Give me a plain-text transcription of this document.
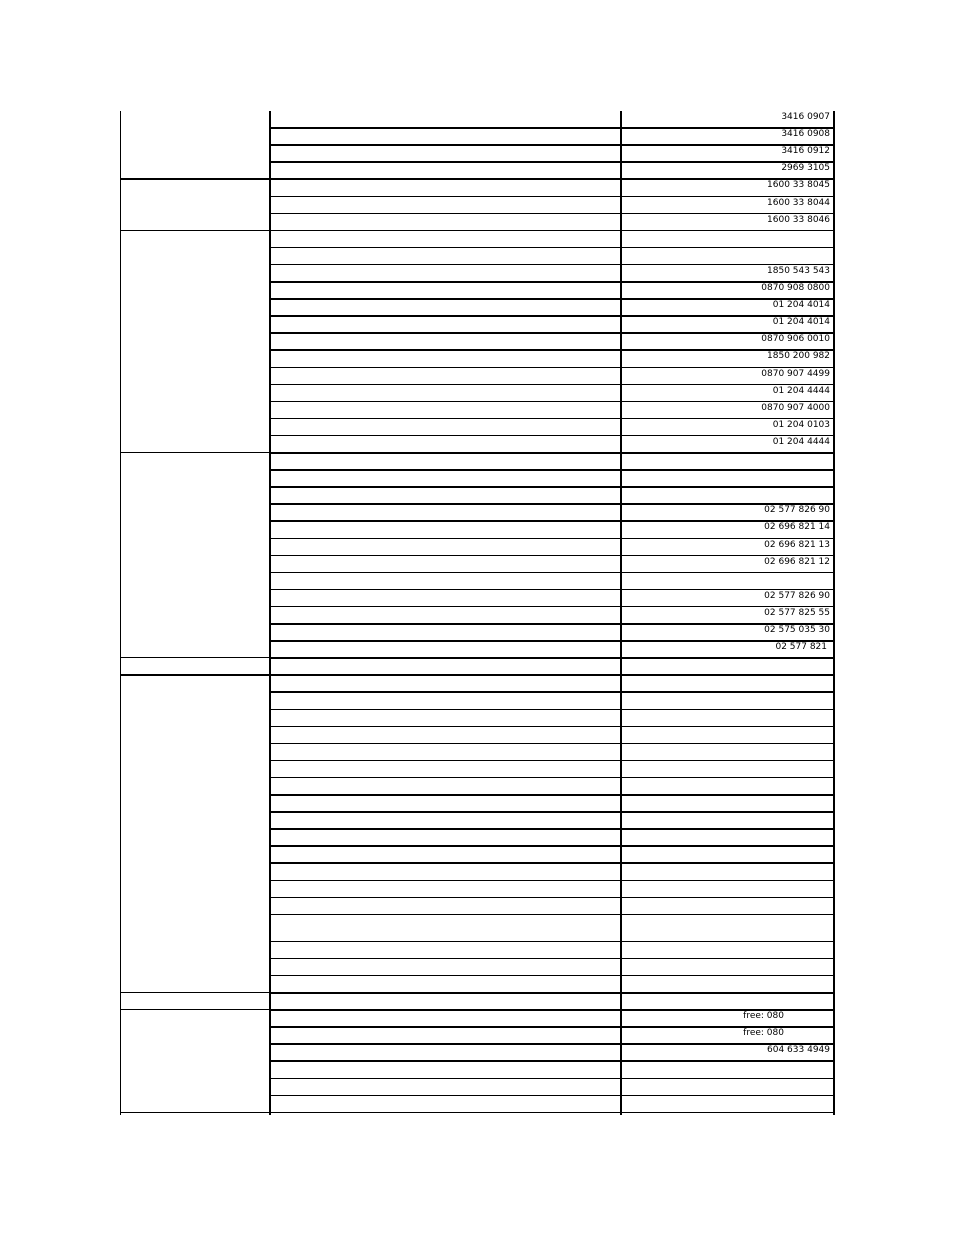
3416 0907
3416 0908
3416 0912
2969 3105
1600 33 8045
1600 33 8044
1600 33 8046
1850 543 543
0870 908 0800
01 204 4014
01 204 4014
0870 906 0010
1850 200 982
0870 907 4499
01 204 4444
0870 907 4000
01 204 0103
01 204 4444
02 577 826 90
02 696 821 14
02 696 821 13
02 696 821 12
02 577 826 90
02 577 825 55
02 575 035 30
02 577 821
free: 080
free: 080
604 633 4949
